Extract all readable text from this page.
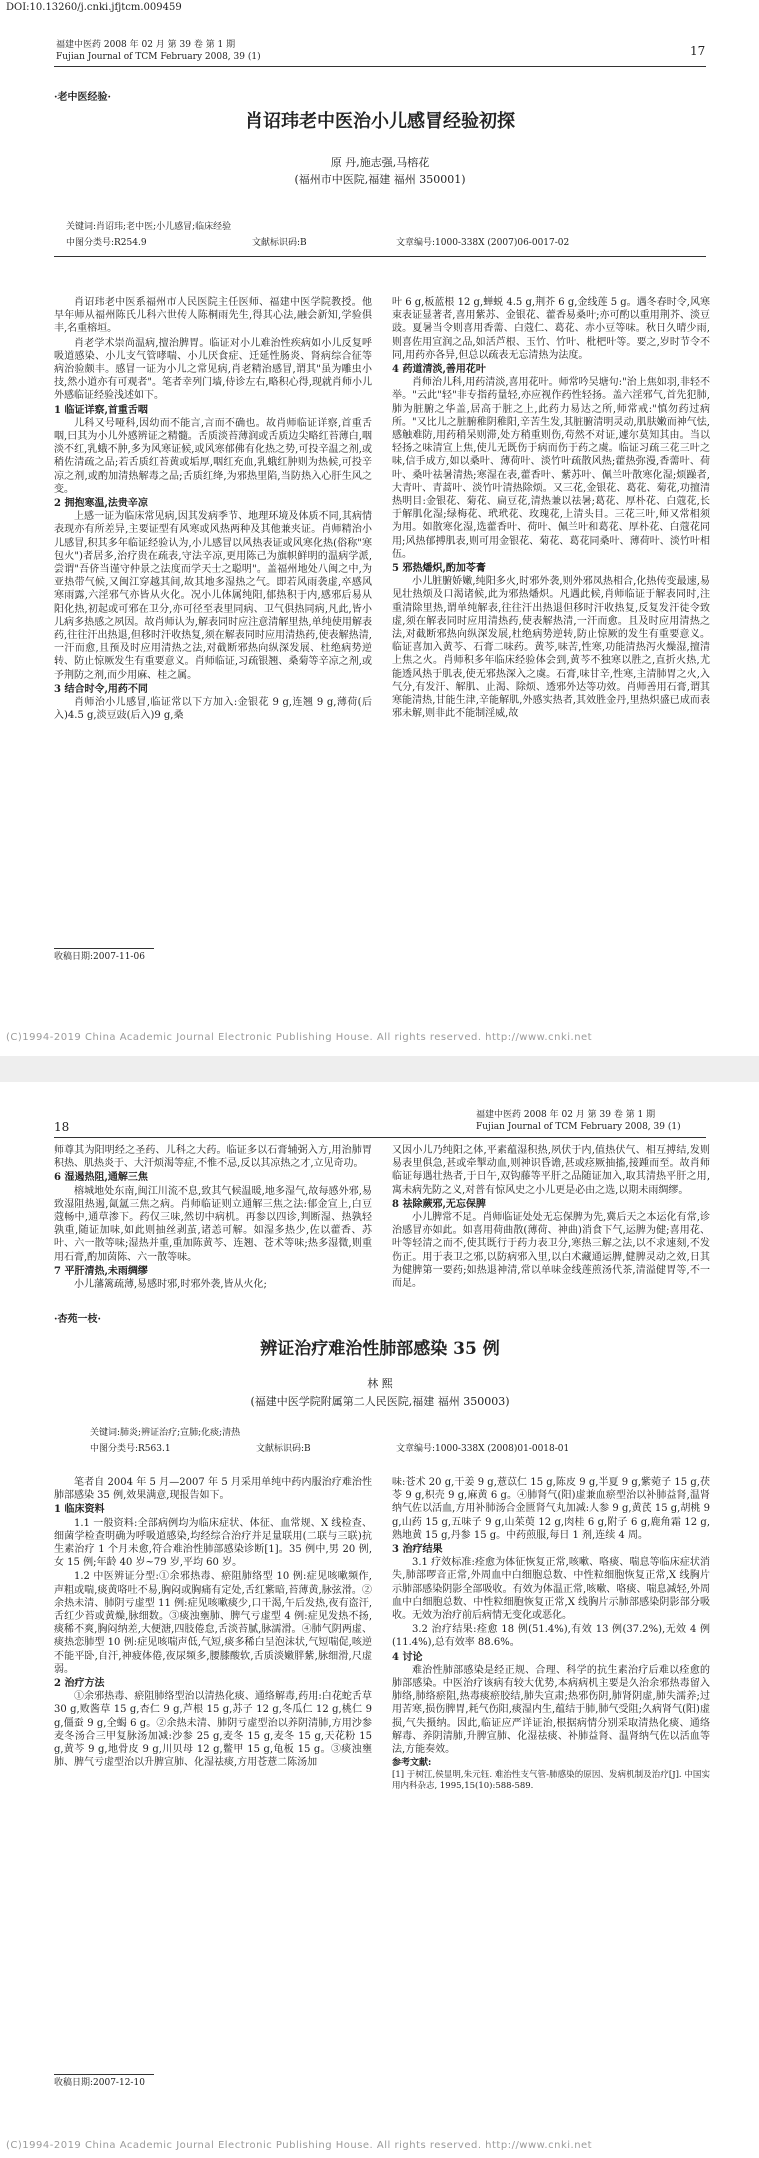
DOI:10.13260/j.cnki.jfjtcm.009459
福建中医药 2008 年 02 月 第 39 卷 第 1 期
Fujian Journal of TCM February 2008, 39 (1)	17
·老中医经验·
肖诏玮老中医治小儿感冒经验初探
原 丹,施志强,马榕花
(福州市中医院,福建 福州 350001)
关键词:肖诏玮;老中医;小儿感冒;临床经验
中图分类号:R254.9	文献标识码:B	文章编号:1000-338X (2007)06-0017-02

肖诏玮老中医系福州市人民医院主任医师、福建中医学院教授。他早年师从福州陈氏儿科六世传人陈桐雨先生,得其心法,融会新知,学验俱丰,名重榕垣。

肖老学术崇尚温病,擅治脾胃。临证对小儿难治性疾病如小儿反复呼吸道感染、小儿支气管哮喘、小儿厌食症、迁延性肠炎、肾病综合征等病治验颇丰。感冒一证为小儿之常见病,肖老精治感冒,谓其"虽为雕虫小技,然小道亦有可观者"。笔者幸列门墙,侍诊左右,略积心得,现就肖师小儿外感临证经验浅述如下。

1 临证详察,首重舌咽

儿科又号哑科,因幼而不能言,言而不确也。故肖师临证详察,首重舌咽,曰其为小儿外感辨证之精髓。舌质淡苔薄润或舌质边尖略红苔薄白,咽淡不红,乳蛾不肿,多为风寒证候,或风寒郁佛有化热之势,可投辛温之剂,或稍佐清疏之品;若舌质红苔黄或垢厚,咽红充血,乳蛾红肿则为热候,可投辛凉之剂,或酌加清热解毒之品;舌质红绛,为邪热里陷,当防热入心肝生风之变。

2 拥抱寒温,法贵辛凉

上感一证为临床常见病,因其发病季节、地理环境及体质不同,其病情表现亦有所差异,主要证型有风寒或风热两种及其他兼夹证。肖师精治小儿感冒,积其多年临证经验认为,小儿感冒以风热表证或风寒化热(俗称"寒包火")者居多,治疗贵在疏表,守法辛凉,更用陈己为旗帜鲜明的温病学派,尝谓"吾侪当谨守仲景之法度而学天士之聪明"。盖福州地处八闽之中,为亚热带气候,又闽江穿越其间,故其地多湿热之气。即若风雨袭虚,卒感风寒雨露,六淫邪气亦皆从火化。况小儿体属纯阳,郁热积于内,感邪后易从阳化热,初起或可邪在卫分,亦可径至表里同病、卫气俱热同病,凡此,皆小儿病多热感之夙因。故肖师认为,解表同时应注意清解里热,单纯使用解表药,往往汗出热退,但移时汗收热复,须在解表同时应用清热药,使表解热清,一汗而愈,且预及时应用清热之法,对截断邪热向纵深发展、杜绝病势逆转、防止惊厥发生有重要意义。肖师临证,习疏银翘、桑菊等辛凉之剂,或予荆防之剂,而少用麻、桂之属。

3 结合时令,用药不同

肖师治小儿感冒,临证常以下方加入:金银花 9 g,连翘 9 g,薄荷(后入)4.5 g,淡豆豉(后入)9 g,桑

叶 6 g,板蓝根 12 g,蝉蜕 4.5 g,荆芥 6 g,金线莲 5 g。遇冬春时令,风寒束表证显著者,喜用紫苏、金银花、藿香易桑叶;亦可酌以重用荆芥、淡豆豉。夏暑当令则喜用香薷、白蔻仁、葛花、赤小豆等味。秋日久晴少雨,则喜佐用宣润之品,如活芦根、玉竹、竹叶、枇杷叶等。要之,岁时节令不同,用药亦各异,但总以疏表无忘清热为法度。

4 药道清淡,善用花叶

肖师治儿科,用药清淡,喜用花叶。师常吟吴塘句:"治上焦如羽,非轻不举。"云此"轻"非专指药量轻,亦应视作药性轻扬。盖六淫邪气,首先犯肺,肺为脏腑之华盖,居高于脏之上,此药力易达之所,师常戒:"慎勿药过病所。"又比儿之脏腑稚阴稚阳,辛苦生发,其脏腑清明灵动,肌肤嫩而神气怯,感触难防,用药稍呆则滞,处方稍重则伤,苟然不对证,遽尔莫知其由。当以轻扬之味清宣上焦,使儿无既伤于病而伤于药之虞。临证习疏三花三叶之味,信手成方,如以桑叶、薄荷叶、淡竹叶疏散风热;藿热弥漫,香薷叶、荷叶、桑叶祛暑清热;寒湿在表,藿香叶、紫苏叶、佩兰叶散寒化湿;烦躁者,大青叶、青蒿叶、淡竹叶清热除烦。又三花,金银花、葛花、菊花,功擅清热明目:金银花、菊花、扁豆花,清热兼以祛暑;葛花、厚朴花、白蔻花,长于解肌化湿;绿梅花、玳玳花、玫瑰花,上清头目。三花三叶,师又常相须为用。如散寒化湿,选藿香叶、荷叶、佩兰叶和葛花、厚朴花、白蔻花同用;风热郁搏肌表,则可用金银花、菊花、葛花同桑叶、薄荷叶、淡竹叶相伍。

5 邪热燔炽,酌加苓膏

小儿脏腑娇嫩,纯阳多火,时邪外袭,则外邪凤热相合,化热传变最速,易见壮热烦及口渴诸候,此为邪热燔炽。凡遇此候,肖师临证于解表同时,注重清除里热,谓单纯解表,往往汗出热退但移时汗收热复,反复发汗徒令致虚,须在解表同时应用清热药,使表解热清,一汗而愈。且及时应用清热之法,对截断邪热向纵深发展,杜绝病势逆转,防止惊厥的发生有重要意义。临证喜加入黄芩、石膏二味药。黄芩,味苦,性寒,功能清热泻火燥湿,擅清上焦之火。肖师积多年临床经验体会到,黄芩不独寒以胜之,直折火热,尤能透风热于肌表,使无邪热深入之虞。石膏,味甘辛,性寒,主清肺胃之火,入气分,有发汗、解肌、止渴、除烦、透邪外达等功效。肖师善用石膏,谓其寒能清热,甘能生津,辛能解肌,外感实热者,其效胜金丹,里热炽盛已成而表邪未解,则非此不能制淫威,故

收稿日期:2007-11-06
(C)1994-2019 China Academic Journal Electronic Publishing House. All rights reserved. http://www.cnki.net
18
福建中医药 2008 年 02 月 第 39 卷 第 1 期
Fujian Journal of TCM February 2008, 39 (1)

师尊其为阳明经之圣药、儿科之大药。临证多以石膏辅弼入方,用治肺胃积热、肌热炎于、大汗烦渴等症,不惟不忌,反以其凉热之才,立见奇功。

6 湿遏热阻,通解三焦

榕城地处东南,闽江川流不息,致其气候温暖,地多湿气,故每感外邪,易致湿阻热遏,氤氲三焦之病。肖师临证则立通解三焦之法:郁金宣上,白豆蔻畅中,通草渗下。药仅三味,然切中病机。再参以四诊,判断湿、热孰轻孰重,随证加味,如此则抽丝剥茧,诸恙可解。如湿多热少,佐以藿香、苏叶、六一散等味;湿热并重,重加陈黄芩、连翘、苍术等味;热多湿微,则重用石膏,酌加茵陈、六一散等味。

7 平肝清热,未雨绸缪

小儿藩篱疏薄,易感时邪,时邪外袭,皆从火化;

又因小儿乃纯阳之体,平素蕴湿积热,夙伏于内,值热伏气、相互搏结,发则易表里俱急,甚或牵掣动血,则神识昏谵,甚或痉厥抽搐,接踵而至。故肖师临证每遇壮热者,于日午,双钩藤等平肝之品随证加入,取其清热平肝之用,寓未病先防之义,对普有惊风史之小儿更是必由之选,以期未雨绸缪。

8 祛除蕨邪,无忘保脾

小儿脾常不足。肖师临证处处无忘保脾为先,冀后天之本运化有常,诊治感冒亦如此。如喜用荷曲散(薄荷、神曲)消食下气,运脾为健;喜用花、叶等轻清之而不,使其既行于药力表卫分,寒热三解之法,以不求速刻,不发伤正。用于表卫之邪,以防病邪入里,以白术藏通运脾,健脾灵动之效,日其为健脾第一要药;如热退神清,常以单味金线莲煎汤代茶,清溢健胃等,不一而足。

·杏苑一枝·
辨证治疗难治性肺部感染 35 例
林 熙
(福建中医学院附属第二人民医院,福建 福州 350003)
关键词:肺炎;辨证治疗;宣肺;化痰;清热
中图分类号:R563.1	文献标识码:B	文章编号:1000-338X (2008)01-0018-01

笔者自 2004 年 5 月—2007 年 5 月采用单纯中药内服治疗难治性肺部感染 35 例,效果满意,现报告如下。

1 临床资料

1.1 一般资料:全部病例均为临床症状、体征、血常规、X 线检查、细菌学检查明确为呼吸道感染,均经综合治疗并足量联用(二联与三联)抗生素治疗 1 个月未愈,符合难治性肺部感染诊断[1]。35 例中,男 20 例,女 15 例;年龄 40 岁~79 岁,平均 60 岁。

1.2 中医辨证分型:①余邪热毒、瘀阻肺络型 10 例:症见咳嗽频作,声粗或喘,痰黄咯吐不易,胸闷或胸痛有定处,舌红紫暗,苔薄黄,脉弦滑。②余热未清、肺阴亏虚型 11 例:症见咳嗽痰少,口干渴,午后发热,夜有盗汗,舌红少苔或黄燥,脉细数。③痰浊壅肺、脾气亏虚型 4 例:症见发热不扬,痰稀不爽,胸闷纳差,大便溏,四肢倦怠,舌淡苔腻,脉濡滑。④肺气阴两虚、痰热恋肺型 10 例:症见咳喘声低,气短,痰多稀白呈泡沫状,气短喘促,咳逆不能平卧,自汗,神疲体倦,夜尿频多,腰膝酸软,舌质淡嫩胖紫,脉细滑,尺虚弱。

2 治疗方法

①余邪热毒、瘀阻肺络型治以清热化痰、通络解毒,药用:白花蛇舌草 30 g,败酱草 15 g,杏仁 9 g,芦根 15 g,苏子 12 g,冬瓜仁 12 g,桃仁 9 g,僵蚕 9 g,全蝎 6 g。②余热未清、肺阴亏虚型治以养阴清肺,方用沙参麦冬汤合三甲复脉汤加减:沙参 25 g,麦冬 15 g,麦冬 15 g,天花粉 15 g,黄芩 9 g,地骨皮 9 g,川贝母 12 g,鳖甲 15 g,龟板 15 g。③痰浊壅肺、脾气亏虚型治以升脾宣肺、化湿祛痰,方用苍薏二陈汤加

味:苍术 20 g,干姜 9 g,薏苡仁 15 g,陈皮 9 g,半夏 9 g,紫菀子 15 g,茯苓 9 g,枳壳 9 g,麻黄 6 g。④肺肾气(阳)虚兼血瘀型治以补肺益肾,温肾纳气佐以活血,方用补肺汤合金匮肾气丸加减:人参 9 g,黄芪 15 g,胡桃 9 g,山药 15 g,五味子 9 g,山茱萸 12 g,肉桂 6 g,附子 6 g,鹿角霜 12 g,熟地黄 15 g,丹参 15 g。中药煎服,每日 1 剂,连续 4 周。

3 治疗结果

3.1 疗效标准:痊愈为体征恢复正常,咳嗽、咯痰、喘息等临床症状消失,肺部啰音正常,外周血中白细胞总数、中性粒细胞恢复正常,X 线胸片示肺部感染阴影全部吸收。有效为体温正常,咳嗽、咯痰、喘息减轻,外周血中白细胞总数、中性粒细胞恢复正常,X 线胸片示肺部感染阴影部分吸收。无效为治疗前后病情无变化或恶化。

3.2 治疗结果:痊愈 18 例(51.4%),有效 13 例(37.2%),无效 4 例(11.4%),总有效率 88.6%。

4 讨论

难治性肺部感染是经正规、合理、科学的抗生素治疗后难以痊愈的肺部感染。中医治疗该病有较大优势,本病病机主要是久治余邪热毒留入肺络,肺络瘀阻,热毒痰瘀胶结,肺失宣肃;热邪伤阴,肺肾阴虚,肺失濡养;过用苦寒,损伤脾胃,耗气伤阳,痰湿内生,蕴结于肺,肺气受阻;久病肾气(阳)虚损,气失摄纳。因此,临证应严详证治,根据病情分别采取清热化痰、通络解毒、养阴清肺,升脾宣肺、化湿祛痰、补肺益肾、温肾纳气佐以活血等法,方能奏效。

参考文献:

[1] 于树江,侯显明,朱元钰. 难治性支气管-肺感染的原因、发病机制及治疗[J]. 中国实用内科杂志, 1995,15(10):588-589.

收稿日期:2007-12-10
(C)1994-2019 China Academic Journal Electronic Publishing House. All rights reserved. http://www.cnki.net
